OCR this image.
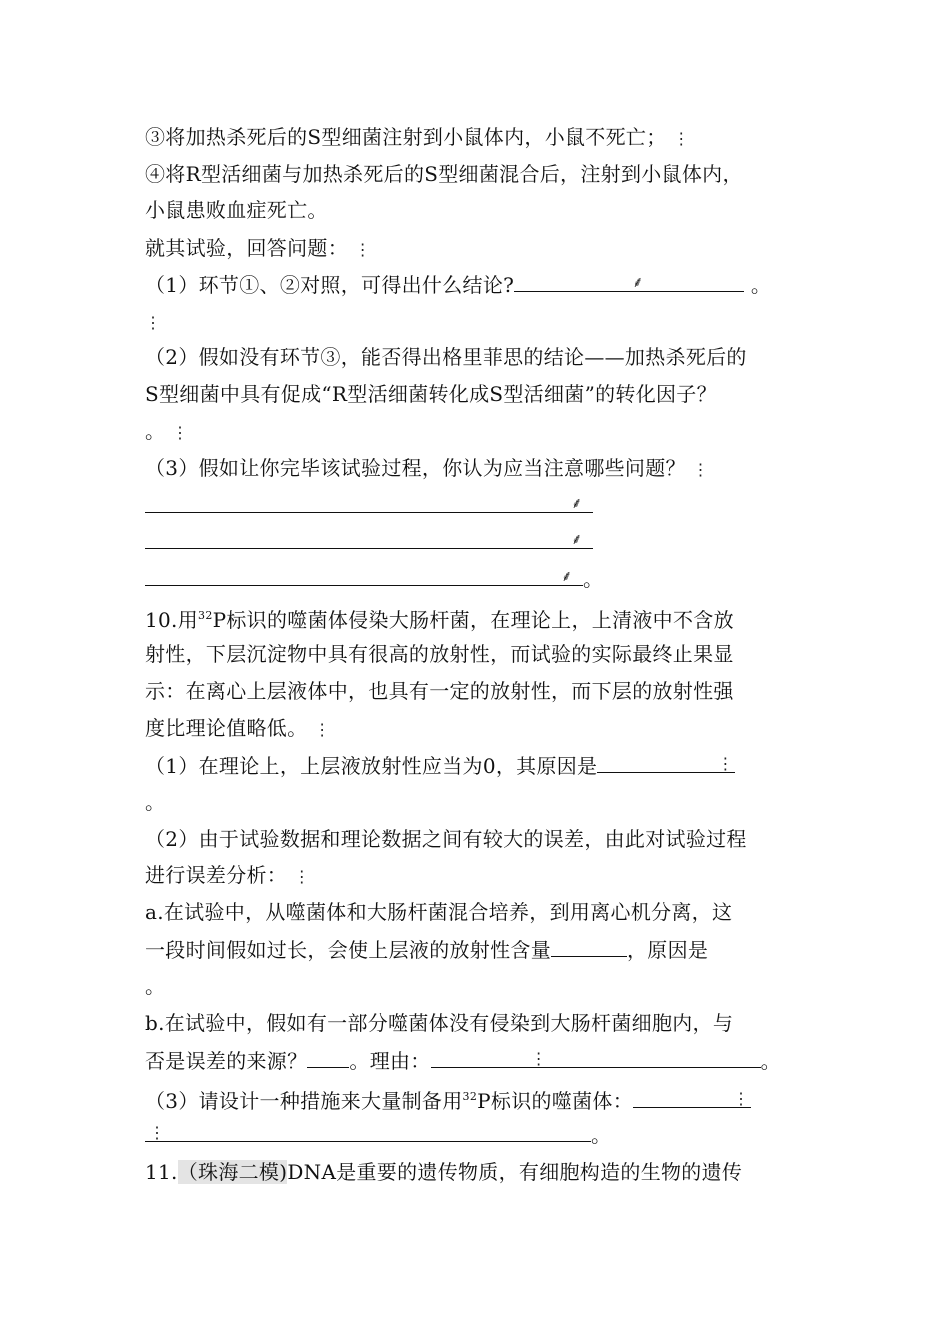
③将加热杀死后的S型细菌注射到小鼠体内，小鼠不死亡； ⋮
④将R型活细菌与加热杀死后的S型细菌混合后，注射到小鼠体内，
小鼠患败血症死亡。
就其试验，回答问题： ⋮
（1）环节①、②对照，可得出什么结论?	⸙	。
⋮
（2）假如没有环节③，能否得出格里菲思的结论——加热杀死后的
S型细菌中具有促成“R型活细菌转化成S型活细菌”的转化因子？
。 ⋮
（3）假如让你完毕该试验过程，你认为应当注意哪些问题？ ⋮
⸙
⸙
⸙ 。
10.用$^{32}$P标识的噬菌体侵染大肠杆菌，在理论上，上清液中不含放
射性，下层沉淀物中具有很高的放射性，而试验的实际最终止果显
示：在离心上层液体中，也具有一定的放射性，而下层的放射性强
度比理论值略低。 ⋮
（1）在理论上，上层液放射性应当为0，其原因是	⋮
。
（2）由于试验数据和理论数据之间有较大的误差，由此对试验过程
进行误差分析： ⋮
a.在试验中，从噬菌体和大肠杆菌混合培养，到用离心机分离，这
一段时间假如过长，会使上层液的放射性含量	，原因是
。
b.在试验中，假如有一部分噬菌体没有侵染到大肠杆菌细胞内，与
否是误差的来源？ 。理由：	⋮	。
（3）请设计一种措施来大量制备用$^{32}$P标识的噬菌体：	⋮
⋮	。
11.（珠海二模)DNA是重要的遗传物质，有细胞构造的生物的遗传
